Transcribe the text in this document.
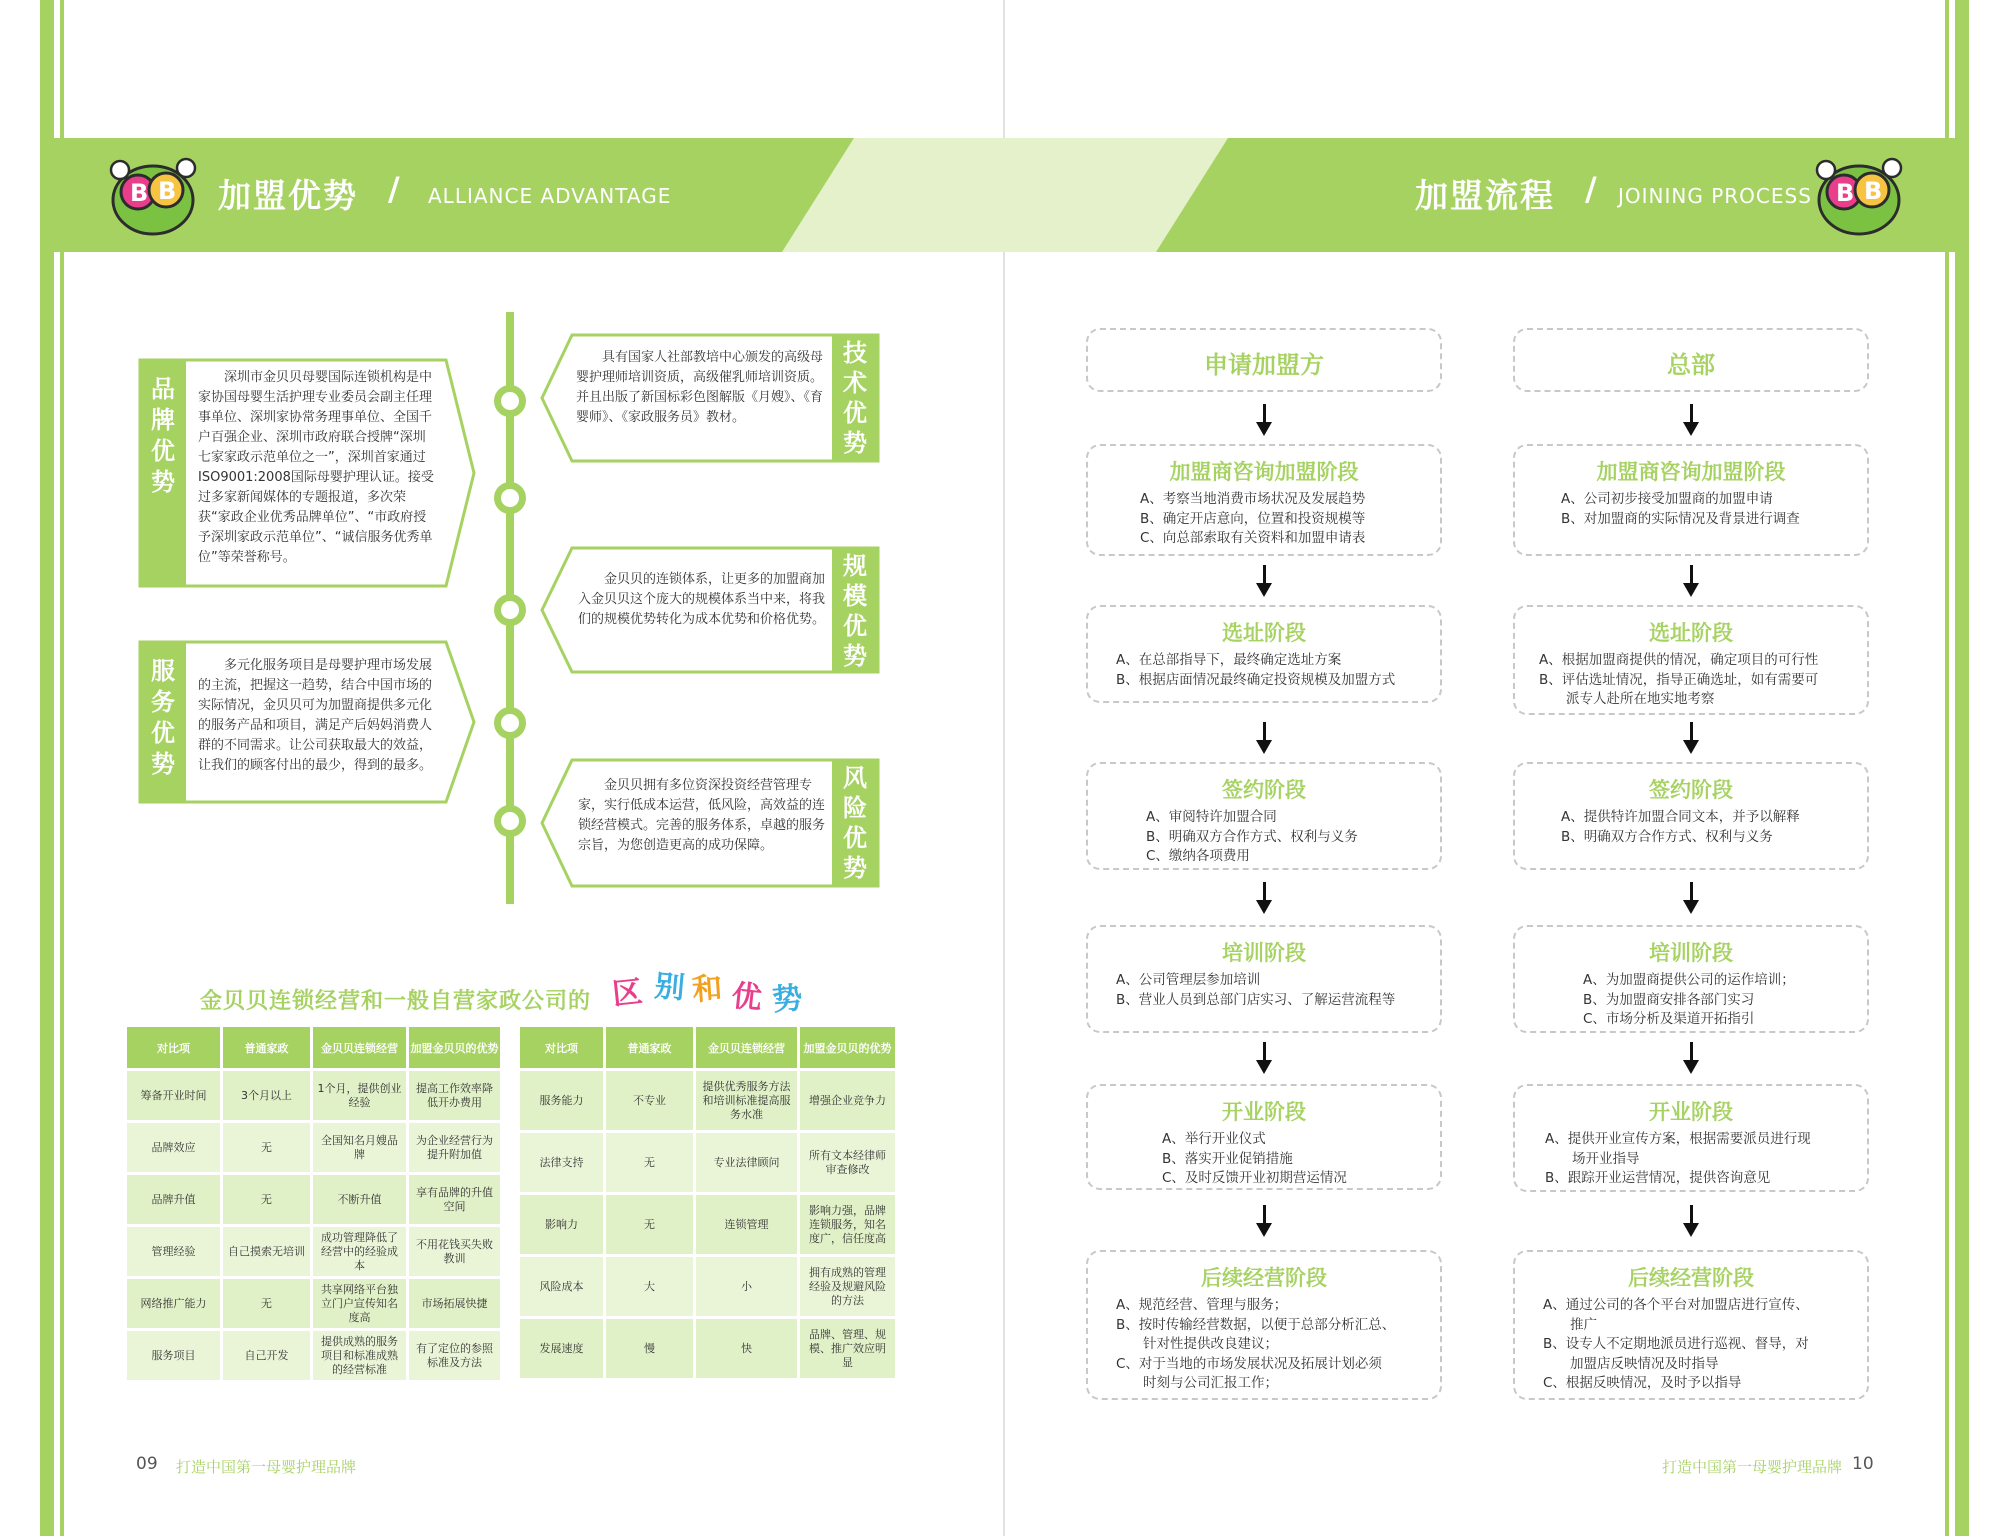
B B 加盟优势 / ALLIANCE ADVANTAGE	加盟流程 / JOINING PROCESS B B
品牌优势
深圳市金贝贝母婴国际连锁机构是中家协国母婴生活护理专业委员会副主任理事单位、深圳家协常务理事单位、全国千户百强企业、深圳市政府联合授牌“深圳七家家政示范单位之一”，深圳首家通过ISO9001:2008国际母婴护理认证。接受过多家新闻媒体的专题报道，多次荣获“家政企业优秀品牌单位”、“市政府授予深圳家政示范单位”、“诚信服务优秀单位”等荣誉称号。
服务优势
多元化服务项目是母婴护理市场发展的主流，把握这一趋势，结合中国市场的实际情况，金贝贝可为加盟商提供多元化的服务产品和项目，满足产后妈妈消费人群的不同需求。让公司获取最大的效益，让我们的顾客付出的最少，得到的最多。
技术优势
具有国家人社部教培中心颁发的高级母婴护理师培训资质，高级催乳师培训资质。并且出版了新国标彩色图解版《月嫂》、《育婴师》、《家政服务员》教材。
规模优势
金贝贝的连锁体系，让更多的加盟商加入金贝贝这个庞大的规模体系当中来，将我们的规模优势转化为成本优势和价格优势。
风险优势
金贝贝拥有多位资深投资经营管理专家，实行低成本运营，低风险，高效益的连锁经营模式。完善的服务体系，卓越的服务宗旨，为您创造更高的成功保障。
金贝贝连锁经营和一般自营家政公司的 区 别 和 优 势
对比项	普通家政	金贝贝连锁经营	加盟金贝贝的优势
筹备开业时间	3个月以上	1个月，提供创业经验	提高工作效率降低开办费用
品牌效应	无	全国知名月嫂品牌	为企业经营行为提升附加值
品牌升值	无	不断升值	享有品牌的升值空间
管理经验	自己摸索无培训	成功管理降低了经营中的经验成本	不用花钱买失败教训
网络推广能力	无	共享网络平台独立门户宣传知名度高	市场拓展快捷
服务项目	自己开发	提供成熟的服务项目和标准成熟的经营标准	有了定位的参照标准及方法
对比项	普通家政	金贝贝连锁经营	加盟金贝贝的优势
服务能力	不专业	提供优秀服务方法和培训标准提高服务水准	增强企业竞争力
法律支持	无	专业法律顾问	所有文本经律师审查修改
影响力	无	连锁管理	影响力强，品牌连锁服务，知名度广，信任度高
风险成本	大	小	拥有成熟的管理经验及规避风险的方法
发展速度	慢	快	品牌、管理、规模、推广效应明显
09 打造中国第一母婴护理品牌
申请加盟方
加盟商咨询加盟阶段
A、考察当地消费市场状况及发展趋势
B、确定开店意向，位置和投资规模等
C、向总部索取有关资料和加盟申请表
选址阶段
A、在总部指导下，最终确定选址方案
B、根据店面情况最终确定投资规模及加盟方式
签约阶段
A、审阅特许加盟合同
B、明确双方合作方式、权利与义务
C、缴纳各项费用
培训阶段
A、公司管理层参加培训
B、营业人员到总部门店实习、了解运营流程等
开业阶段
A、举行开业仪式
B、落实开业促销措施
C、及时反馈开业初期营运情况
后续经营阶段
A、规范经营、管理与服务；
B、按时传输经营数据，以便于总部分析汇总、
　　针对性提供改良建议；
C、对于当地的市场发展状况及拓展计划必须
　　时刻与公司汇报工作；
总部
加盟商咨询加盟阶段
A、公司初步接受加盟商的加盟申请
B、对加盟商的实际情况及背景进行调查
选址阶段
A、根据加盟商提供的情况，确定项目的可行性
B、评估选址情况，指导正确选址，如有需要可
　　派专人赴所在地实地考察
签约阶段
A、提供特许加盟合同文本，并予以解释
B、明确双方合作方式、权利与义务
培训阶段
A、为加盟商提供公司的运作培训；
B、为加盟商安排各部门实习
C、市场分析及渠道开拓指引
开业阶段
A、提供开业宣传方案，根据需要派员进行现
　　场开业指导
B、跟踪开业运营情况，提供咨询意见
后续经营阶段
A、通过公司的各个平台对加盟店进行宣传、
　　推广
B、设专人不定期地派员进行巡视、督导，对
　　加盟店反映情况及时指导
C、根据反映情况，及时予以指导
打造中国第一母婴护理品牌 10
